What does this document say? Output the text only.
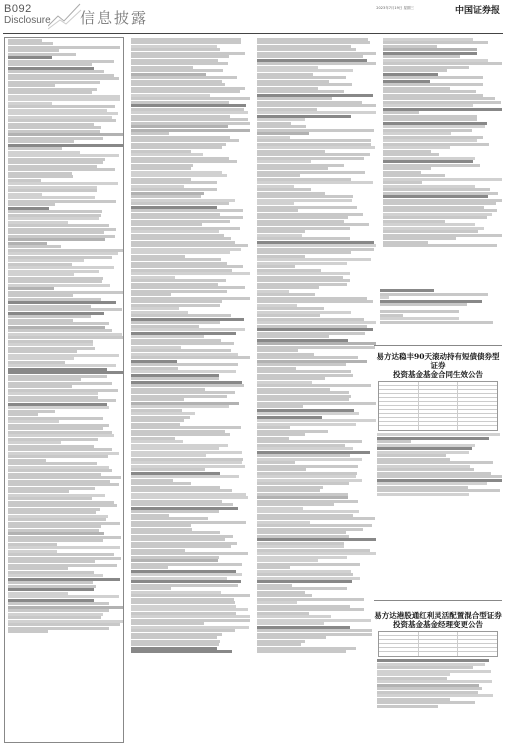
B092
Disclosure 信息披露
2023年7月19日 星期三	中国证券报
易方达稳丰90天滚动持有短债债券型证券
投资基金基金合同生效公告
易方达港股通红利灵活配置混合型证券
投资基金基金经理变更公告
